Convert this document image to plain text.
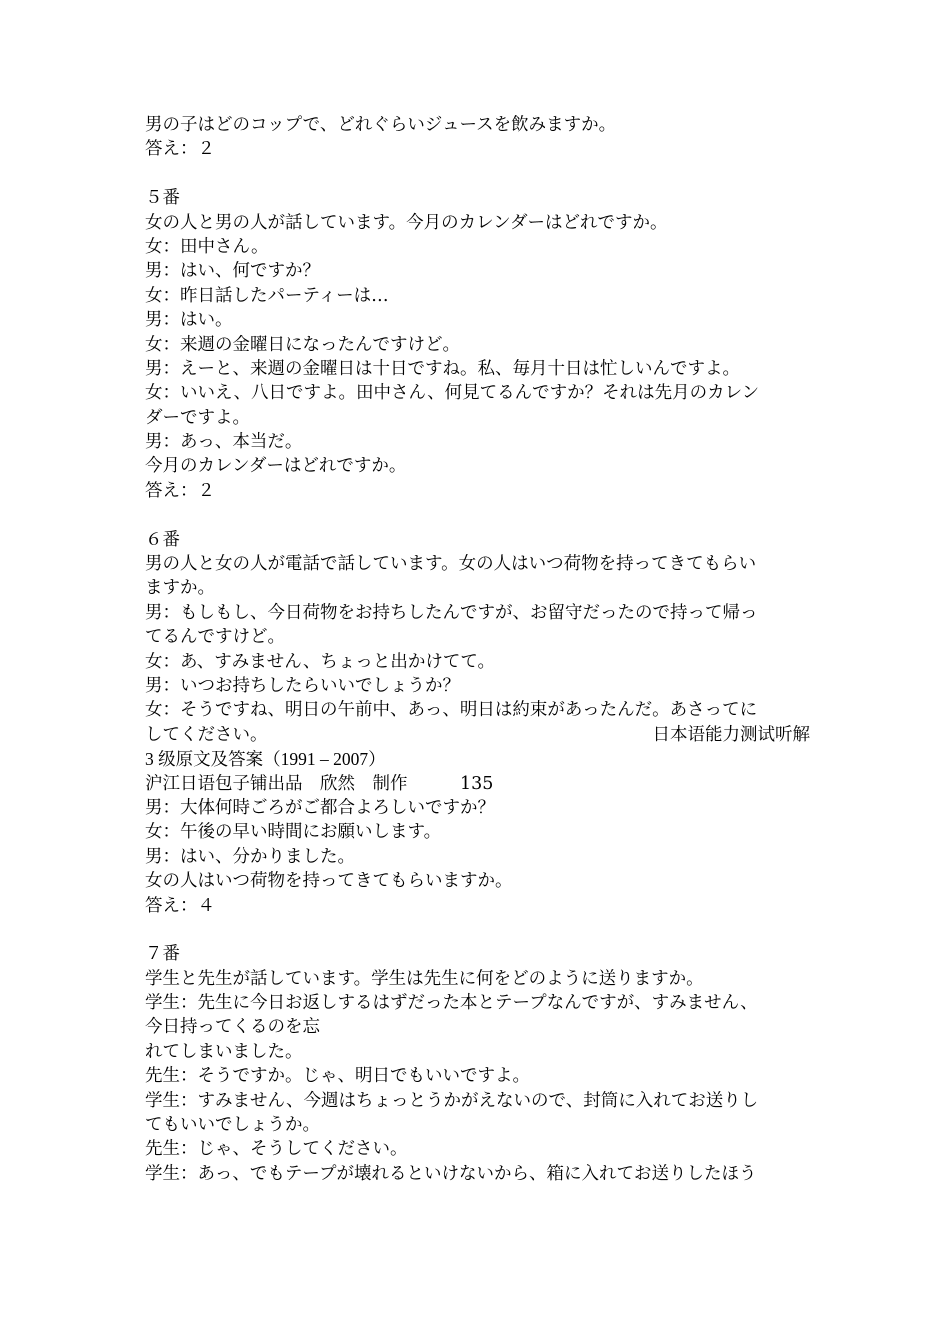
男の子はどのコップで、どれぐらいジュースを飲みますか。
答え：２
５番
女の人と男の人が話しています。今月のカレンダーはどれですか。
女：田中さん。
男：はい、何ですか？
女：昨日話したパーティーは…
男：はい。
女：来週の金曜日になったんですけど。
男：えーと、来週の金曜日は十日ですね。私、毎月十日は忙しいんですよ。
女：いいえ、八日ですよ。田中さん、何見てるんですか？それは先月のカレン
ダーですよ。
男：あっ、本当だ。
今月のカレンダーはどれですか。
答え：２
６番
男の人と女の人が電話で話しています。女の人はいつ荷物を持ってきてもらい
ますか。
男：もしもし、今日荷物をお持ちしたんですが、お留守だったので持って帰っ
てるんですけど。
女：あ、すみません、ちょっと出かけてて。
男：いつお持ちしたらいいでしょうか？
女：そうですね、明日の午前中、あっ、明日は約束があったんだ。あさってに
してください。	日本语能力测试听解
3 级原文及答案（1991 – 2007）
沪江日语包子铺出品　欣然　制作　　　135
男：大体何時ごろがご都合よろしいですか？
女：午後の早い時間にお願いします。
男：はい、分かりました。
女の人はいつ荷物を持ってきてもらいますか。
答え：４
７番
学生と先生が話しています。学生は先生に何をどのように送りますか。
学生：先生に今日お返しするはずだった本とテープなんですが、すみません、
今日持ってくるのを忘
れてしまいました。
先生：そうですか。じゃ、明日でもいいですよ。
学生：すみません、今週はちょっとうかがえないので、封筒に入れてお送りし
てもいいでしょうか。
先生：じゃ、そうしてください。
学生：あっ、でもテープが壊れるといけないから、箱に入れてお送りしたほう
